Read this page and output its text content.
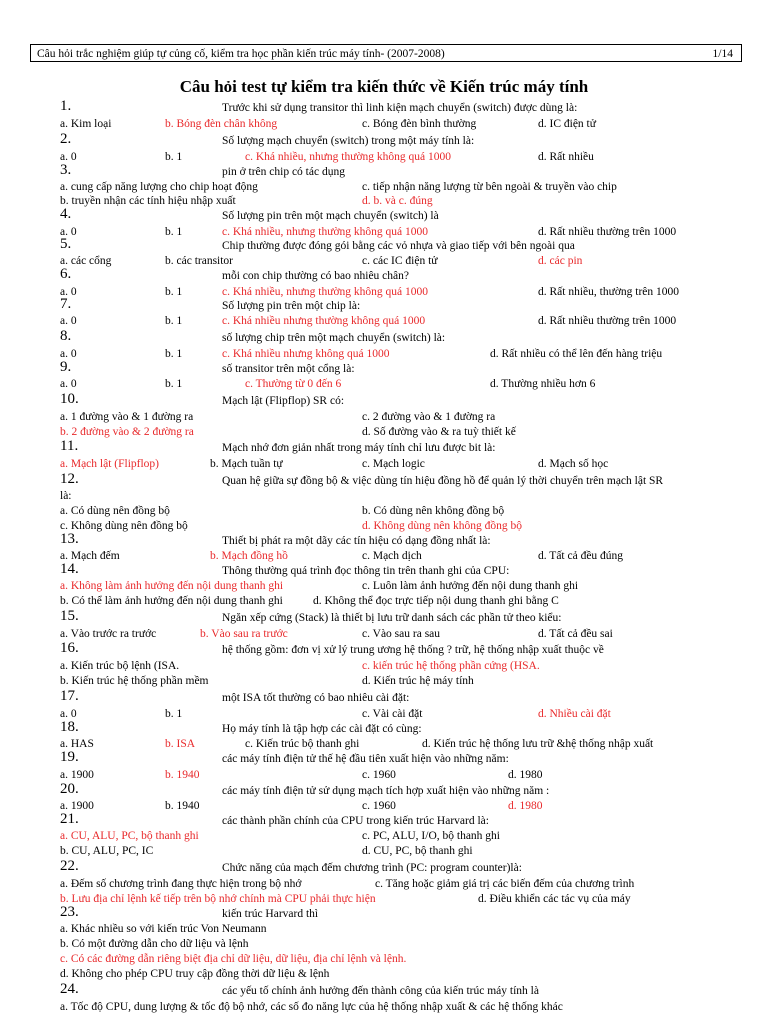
Câu hỏi trắc nghiệm giúp tự củng cố, kiểm tra học phần kiến trúc máy tính- (2007-2008)	1/14
Câu hỏi test tự kiểm tra kiến thức về Kiến trúc máy tính
1.	Trước khi sử dụng transitor thì linh kiện mạch chuyển (switch) được dùng là:
a. Kim loại	b. Bóng đèn chân không	c. Bóng đèn bình thường	d. IC điện tử
2.	Số lượng mạch chuyển (switch) trong một máy tính là:
a. 0	b. 1	c. Khá nhiều, nhưng thường không quá 1000	d. Rất nhiều
3.	pin ở trên chip có tác dụng
a. cung cấp năng lượng cho chip hoạt động	c. tiếp nhận năng lượng từ bên ngoài & truyền vào chip
b. truyền nhận các tính hiệu nhập xuất	d. b. và c. đúng
4.	Số lượng pin trên một mạch chuyển (switch) là
a. 0	b. 1	c. Khá nhiều, nhưng thường không quá 1000	d. Rất nhiều thường trên 1000
5.	Chip thường được đóng gói bằng các vỏ nhựa và giao tiếp với bên ngoài qua
a. các cổng	b. các transitor	c. các IC điện tử	d. các pin
6.	mỗi con chip thường có bao nhiêu chân?
a. 0	b. 1	c. Khá nhiều, nhưng thường không quá 1000	d. Rất nhiều, thường trên 1000
7.	Số lượng pin trên một chip là:
a. 0	b. 1	c. Khá nhiều nhưng thường không quá 1000	d. Rất nhiều thường trên 1000
8.	số lượng chip trên một mạch chuyển (switch) là:
a. 0	b. 1	c. Khá nhiều nhưng không quá 1000	d. Rất nhiều có thể lên đến hàng triệu
9.	số transitor trên một cổng là:
a. 0	b. 1	c. Thường từ 0 đến 6	d. Thường nhiều hơn 6
10.	Mạch lật (Flipflop) SR có:
a. 1 đường vào & 1 đường ra	c. 2 đường vào & 1 đường ra
b. 2 đường vào & 2 đường ra	d. Số đường vào & ra tuỳ thiết kế
11.	Mạch nhớ đơn giản nhất trong máy tính chỉ lưu được bit là:
a. Mạch lật (Flipflop)	b. Mạch tuần tự	c. Mạch logic	d. Mạch số học
12.	Quan hệ giữa sự đồng bộ & việc dùng tín hiệu đồng hồ để quản lý thời chuyển trên mạch lật SR
là:
a. Có dùng nên đồng bộ	b. Có dùng nên không đồng bộ
c. Không dùng nên đồng bộ	d. Không dùng nên không đồng bộ
13.	Thiết bị phát ra một dãy các tín hiệu có dạng đồng nhất là:
a. Mạch đếm	b. Mạch đồng hồ	c. Mạch dịch	d. Tất cả đều đúng
14.	Thông thường quá trình đọc thông tin trên thanh ghi của CPU:
a. Không làm ảnh hưởng đến nội dung thanh ghi	c. Luôn làm ảnh hưởng đến nội dung thanh ghi
b. Có thể làm ảnh hưởng đến nội dung thanh ghi	d. Không thể đọc trực tiếp nội dung thanh ghi bằng C
15.	Ngăn xếp cứng (Stack) là thiết bị lưu trữ danh sách các phần tử theo kiểu:
a. Vào trước ra trước	b. Vào sau ra trước	c. Vào sau ra sau	d. Tất cả đều sai
16.	hệ thống gồm: đơn vị xử lý trung ương hệ thống ? trữ, hệ thống nhập xuất thuộc về
a. Kiến trúc bộ lệnh (ISA.	c. kiến trúc hệ thống phần cứng (HSA.
b. Kiến trúc hệ thống phần mềm	d. Kiến trúc hệ máy tính
17.	một ISA tốt thường có bao nhiêu cài đặt:
a. 0	b. 1	c. Vài cài đặt	d. Nhiều cài đặt
18.	Họ máy tính là tập hợp các cài đặt có cùng:
a. HAS	b. ISA	c. Kiến trúc bộ thanh ghi	d. Kiến trúc hệ thống lưu trữ &hệ thống nhập xuất
19.	các máy tính điện tử thế hệ đầu tiên xuất hiện vào những năm:
a. 1900	b. 1940	c. 1960	d. 1980
20.	các máy tính điện tử sử dụng mạch tích hợp xuất hiện vào những năm :
a. 1900	b. 1940	c. 1960	d. 1980
21.	các thành phần chính của CPU trong kiến trúc Harvard là:
a. CU, ALU, PC, bộ thanh ghi	c. PC, ALU, I/O, bộ thanh ghi
b. CU, ALU, PC, IC	d. CU, PC, bộ thanh ghi
22.	Chức năng của mạch đếm chương trình (PC: program counter)là:
a. Đếm số chương trình đang thực hiện trong bộ nhớ	c. Tăng hoặc giảm giá trị các biến đếm của chương trình
b. Lưu địa chỉ lệnh kế tiếp trên bộ nhớ chính mà CPU phải thực hiện	d. Điều khiển các tác vụ của máy
23.	kiến trúc Harvard thì
a. Khác nhiều so với kiến trúc Von Neumann
b. Có một đường dẫn cho dữ liệu và lệnh
c. Có các đường dẫn riêng biệt địa chỉ dữ liệu, dữ liệu, địa chỉ lệnh và lệnh.
d. Không cho phép CPU truy cập đồng thời dữ liệu & lệnh
24.	các yếu tố chính ảnh hưởng đến thành công của kiến trúc máy tính là
a. Tốc độ CPU, dung lượng & tốc độ bộ nhớ, các số đo năng lực của hệ thống nhập xuất & các hệ thống khác
